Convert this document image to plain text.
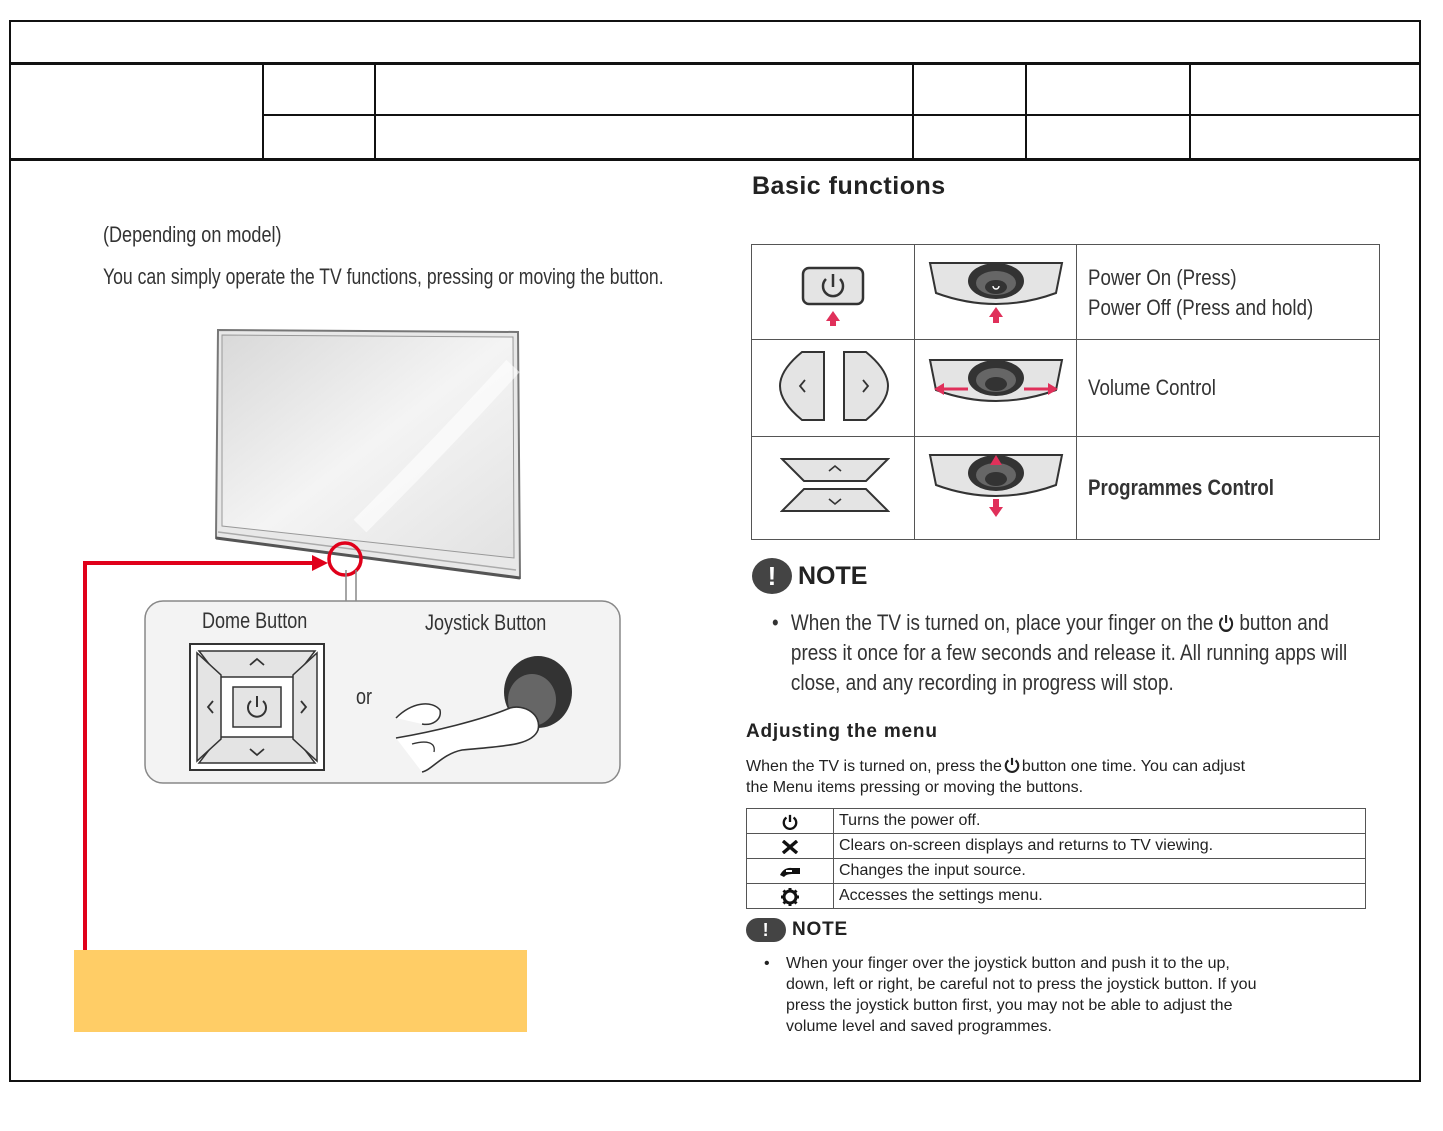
(Depending on model)
You can simply operate the TV functions, pressing or moving the button.
Dome Button	Joystick Button
or
Basic functions
Power On (Press)
Power Off (Press and hold)
Volume Control
Programmes Control
! NOTE
• When the TV is turned on, place your finger on the button and
press it once for a few seconds and release it. All running apps will
close, and any recording in progress will stop.
Adjusting the menu
When the TV is turned on, press the button one time. You can adjust
the Menu items pressing or moving the buttons.
	Turns the power off.
	Clears on-screen displays and returns to TV viewing.
	Changes the input source.
	Accesses the settings menu.
!	NOTE
• When your finger over the joystick button and push it to the up,
down, left or right, be careful not to press the joystick button. If you
press the joystick button first, you may not be able to adjust the
volume level and saved programmes.
